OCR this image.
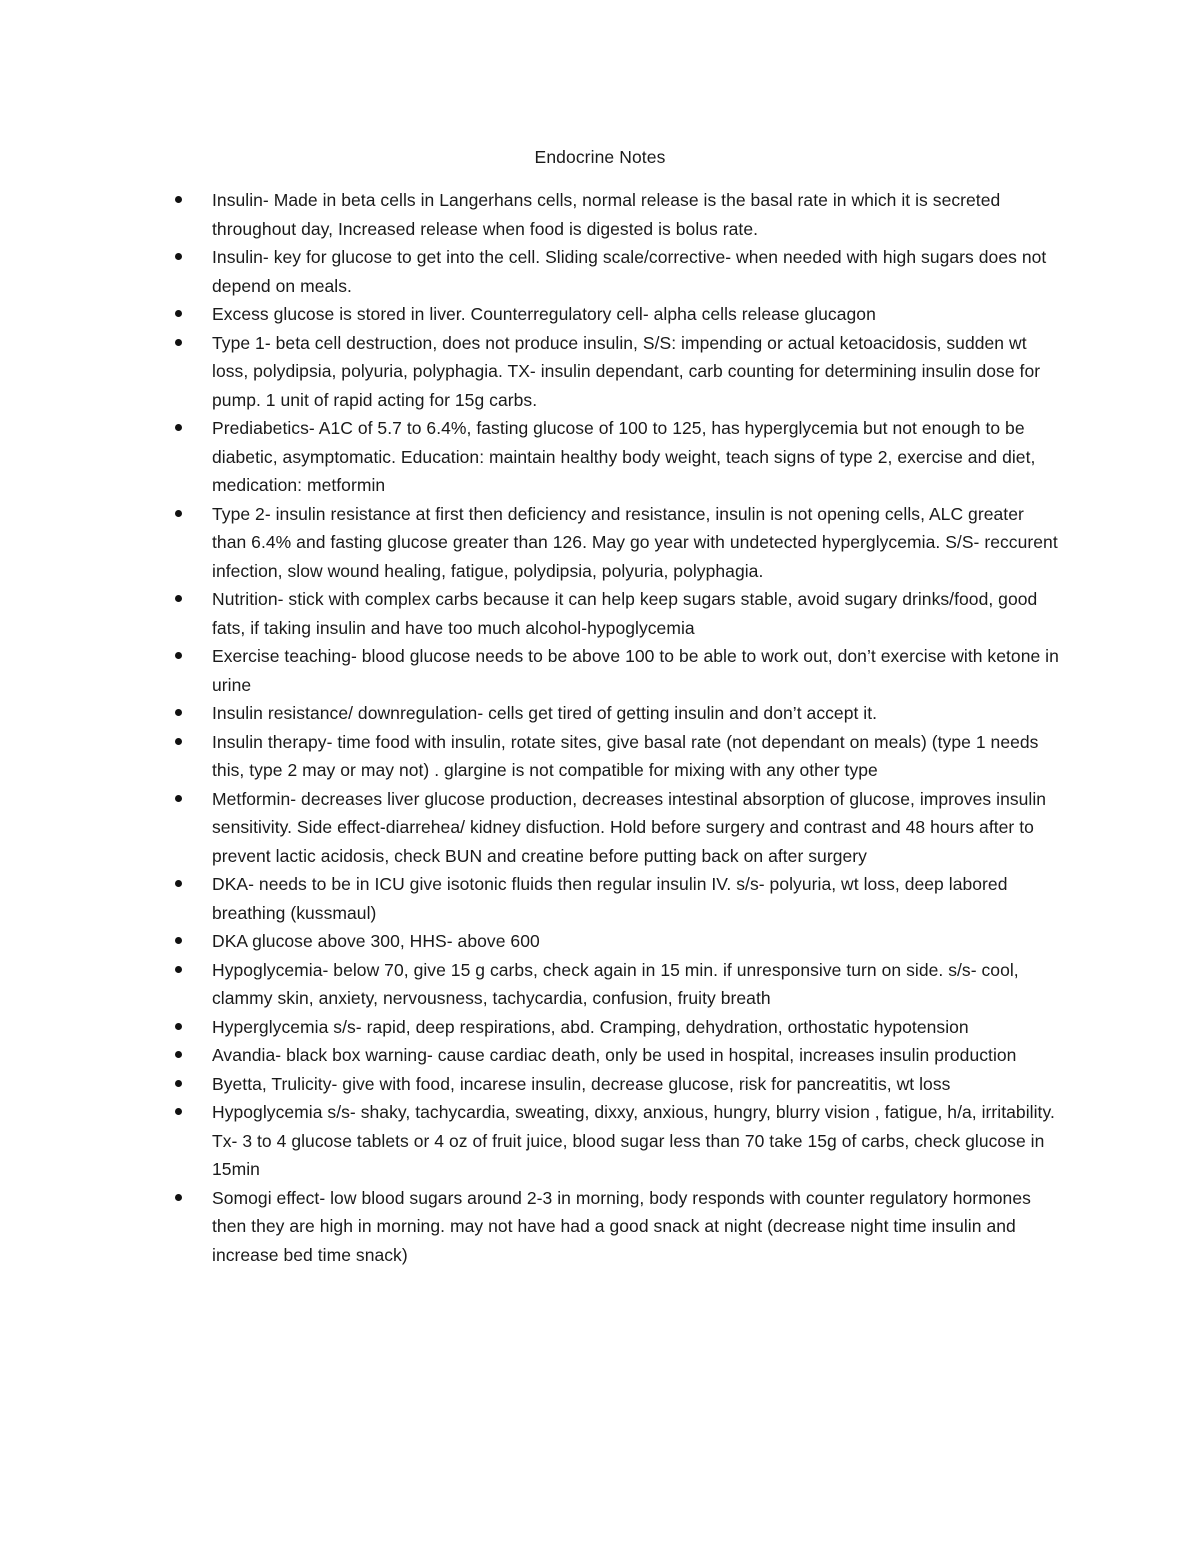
Endocrine Notes
Insulin- Made in beta cells in Langerhans cells, normal release is the basal rate in which it is secreted throughout day, Increased release when food is digested is bolus rate.
Insulin- key for glucose to get into the cell. Sliding scale/corrective- when needed with high sugars does not depend on meals.
Excess glucose is stored in liver. Counterregulatory cell- alpha cells release glucagon
Type 1- beta cell destruction, does not produce insulin, S/S: impending or actual ketoacidosis, sudden wt loss, polydipsia, polyuria, polyphagia. TX- insulin dependant, carb counting for determining insulin dose for pump. 1 unit of rapid acting for 15g carbs.
Prediabetics- A1C of 5.7 to 6.4%, fasting glucose of 100 to 125, has hyperglycemia but not enough to be diabetic, asymptomatic. Education: maintain healthy body weight, teach signs of type 2, exercise and diet, medication: metformin
Type 2- insulin resistance at first then deficiency and resistance, insulin is not opening cells, ALC greater than 6.4% and fasting glucose greater than 126. May go year with undetected hyperglycemia. S/S- reccurent infection, slow wound healing, fatigue, polydipsia, polyuria, polyphagia.
Nutrition- stick with complex carbs because it can help keep sugars stable, avoid sugary drinks/food, good fats, if taking insulin and have too much alcohol-hypoglycemia
Exercise teaching- blood glucose needs to be above 100 to be able to work out, don’t exercise with ketone in urine
Insulin resistance/ downregulation- cells get tired of getting insulin and don’t accept it.
Insulin therapy- time food with insulin, rotate sites, give basal rate (not dependant on meals) (type 1 needs this, type 2 may or may not) . glargine is not compatible for mixing with any other type
Metformin- decreases liver glucose production, decreases intestinal absorption of glucose, improves insulin sensitivity. Side effect-diarrehea/ kidney disfuction. Hold before surgery and contrast and 48 hours after to prevent lactic acidosis, check BUN and creatine before putting back on after surgery
DKA- needs to be in ICU give isotonic fluids then regular insulin IV. s/s- polyuria, wt loss, deep labored breathing (kussmaul)
DKA glucose above 300, HHS- above 600
Hypoglycemia- below 70, give 15 g carbs, check again in 15 min. if unresponsive turn on side. s/s- cool, clammy skin, anxiety, nervousness, tachycardia, confusion, fruity breath
Hyperglycemia s/s- rapid, deep respirations, abd. Cramping, dehydration, orthostatic hypotension
Avandia- black box warning- cause cardiac death, only be used in hospital, increases insulin production
Byetta, Trulicity- give with food, incarese insulin, decrease glucose, risk for pancreatitis, wt loss
Hypoglycemia s/s- shaky, tachycardia, sweating, dixxy, anxious, hungry, blurry vision , fatigue, h/a, irritability. Tx- 3 to 4 glucose tablets or 4 oz of fruit juice, blood sugar less than 70 take 15g of carbs, check glucose in 15min
Somogi effect- low blood sugars around 2-3 in morning, body responds with counter regulatory hormones then they are high in morning. may not have had a good snack at night (decrease night time insulin and increase bed time snack)
